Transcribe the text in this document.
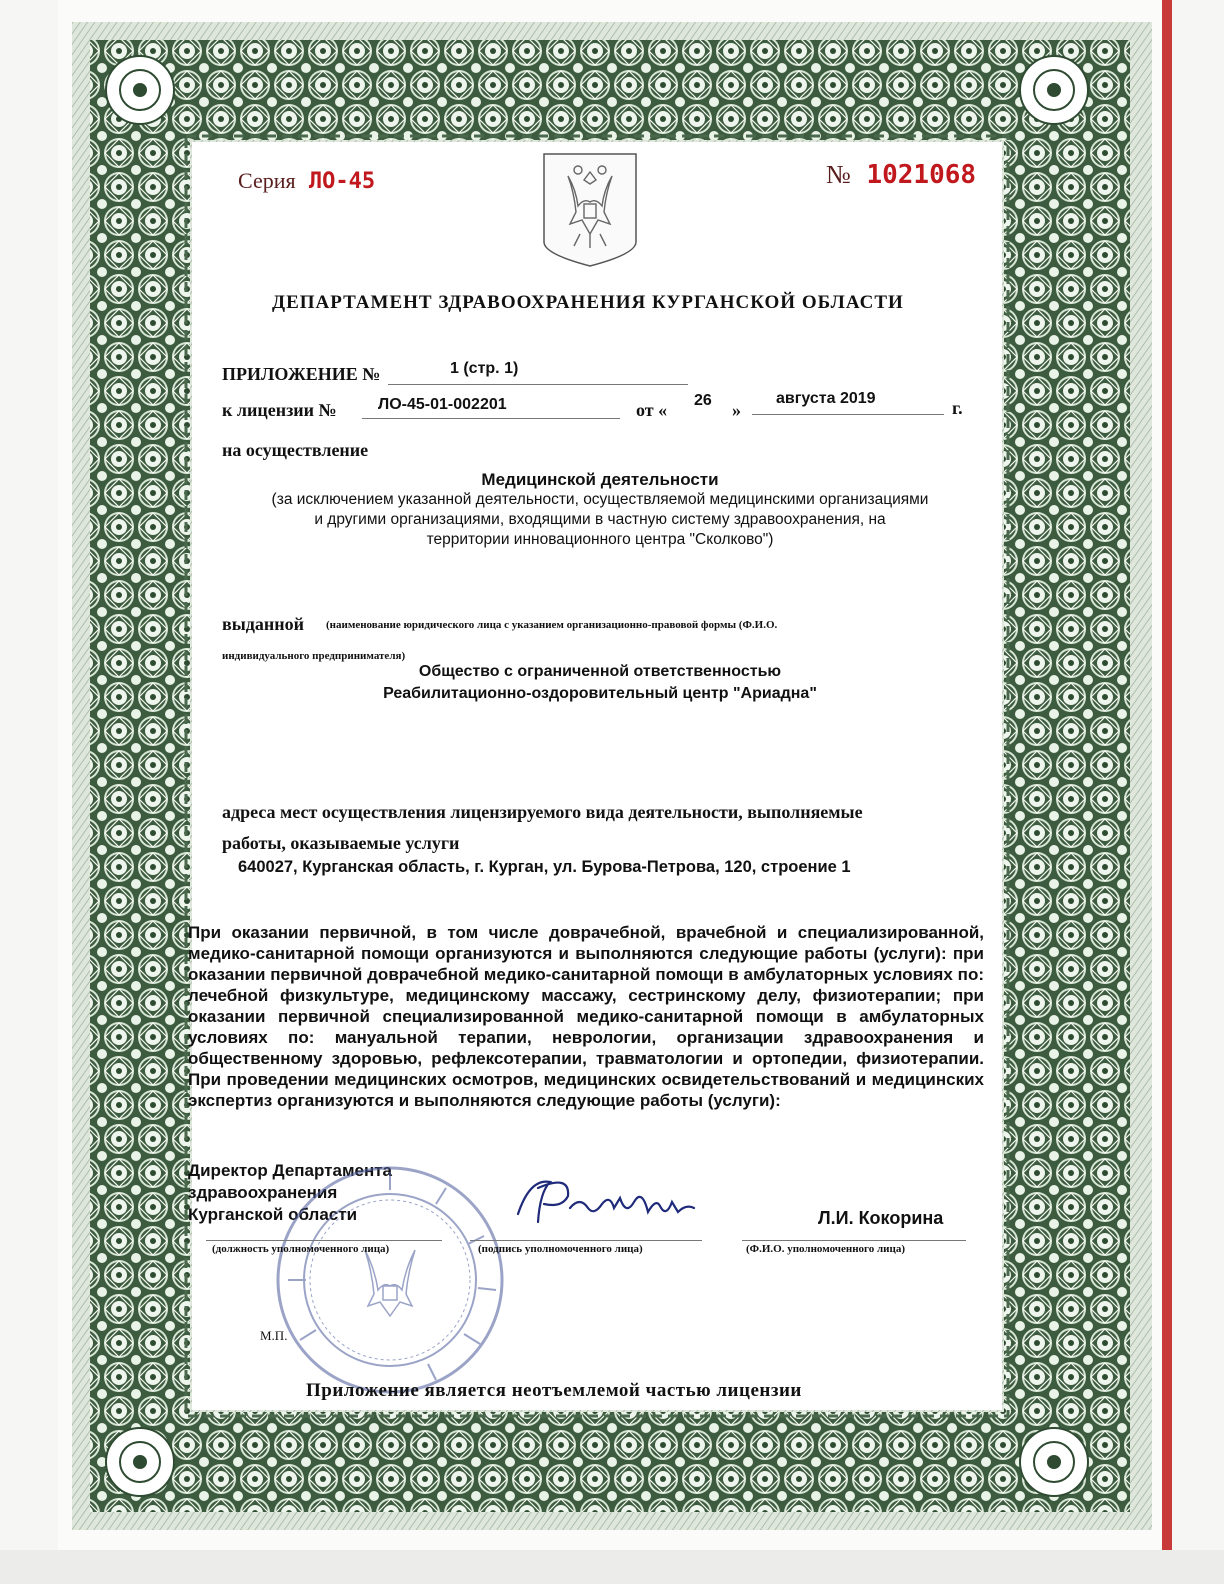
Серия ЛО-45	№ 1021068
ДЕПАРТАМЕНТ ЗДРАВООХРАНЕНИЯ КУРГАНСКОЙ ОБЛАСТИ
ПРИЛОЖЕНИЕ №	1 (стр. 1)
к лицензии №	ЛО-45-01-002201	от « 26 »
августа 2019	г.
на осуществление
Медицинской деятельности
(за исключением указанной деятельности, осуществляемой медицинскими организациями
и другими организациями, входящими в частную систему здравоохранения, на
территории инновационного центра "Сколково")
выданной (наименование юридического лица с указанием организационно-правовой формы (Ф.И.О.
индивидуального предпринимателя)
Общество с ограниченной ответственностью
Реабилитационно-оздоровительный центр "Ариадна"
адреса мест осуществления лицензируемого вида деятельности, выполняемые
работы, оказываемые услуги
640027, Курганская область, г. Курган, ул. Бурова-Петрова, 120, строение 1
При оказании первичной, в том числе доврачебной, врачебной и специализированной, медико-санитарной помощи организуются и выполняются следующие работы (услуги): при оказании первичной доврачебной медико-санитарной помощи в амбулаторных условиях по: лечебной физкультуре, медицинскому массажу, сестринскому делу, физиотерапии; при оказании первичной специализированной медико-санитарной помощи в амбулаторных условиях по: мануальной терапии, неврологии, организации здравоохранения и общественному здоровью, рефлексотерапии, травматологии и ортопедии, физиотерапии. При проведении медицинских осмотров, медицинских освидетельствований и медицинских экспертиз организуются и выполняются следующие работы (услуги):
Директор Департамента
здравоохранения
Курганской области	Л.И. Кокорина
(должность уполномоченного лица)	(подпись уполномоченного лица)	(Ф.И.О. уполномоченного лица)
М.П.
Приложение является неотъемлемой частью лицензии
